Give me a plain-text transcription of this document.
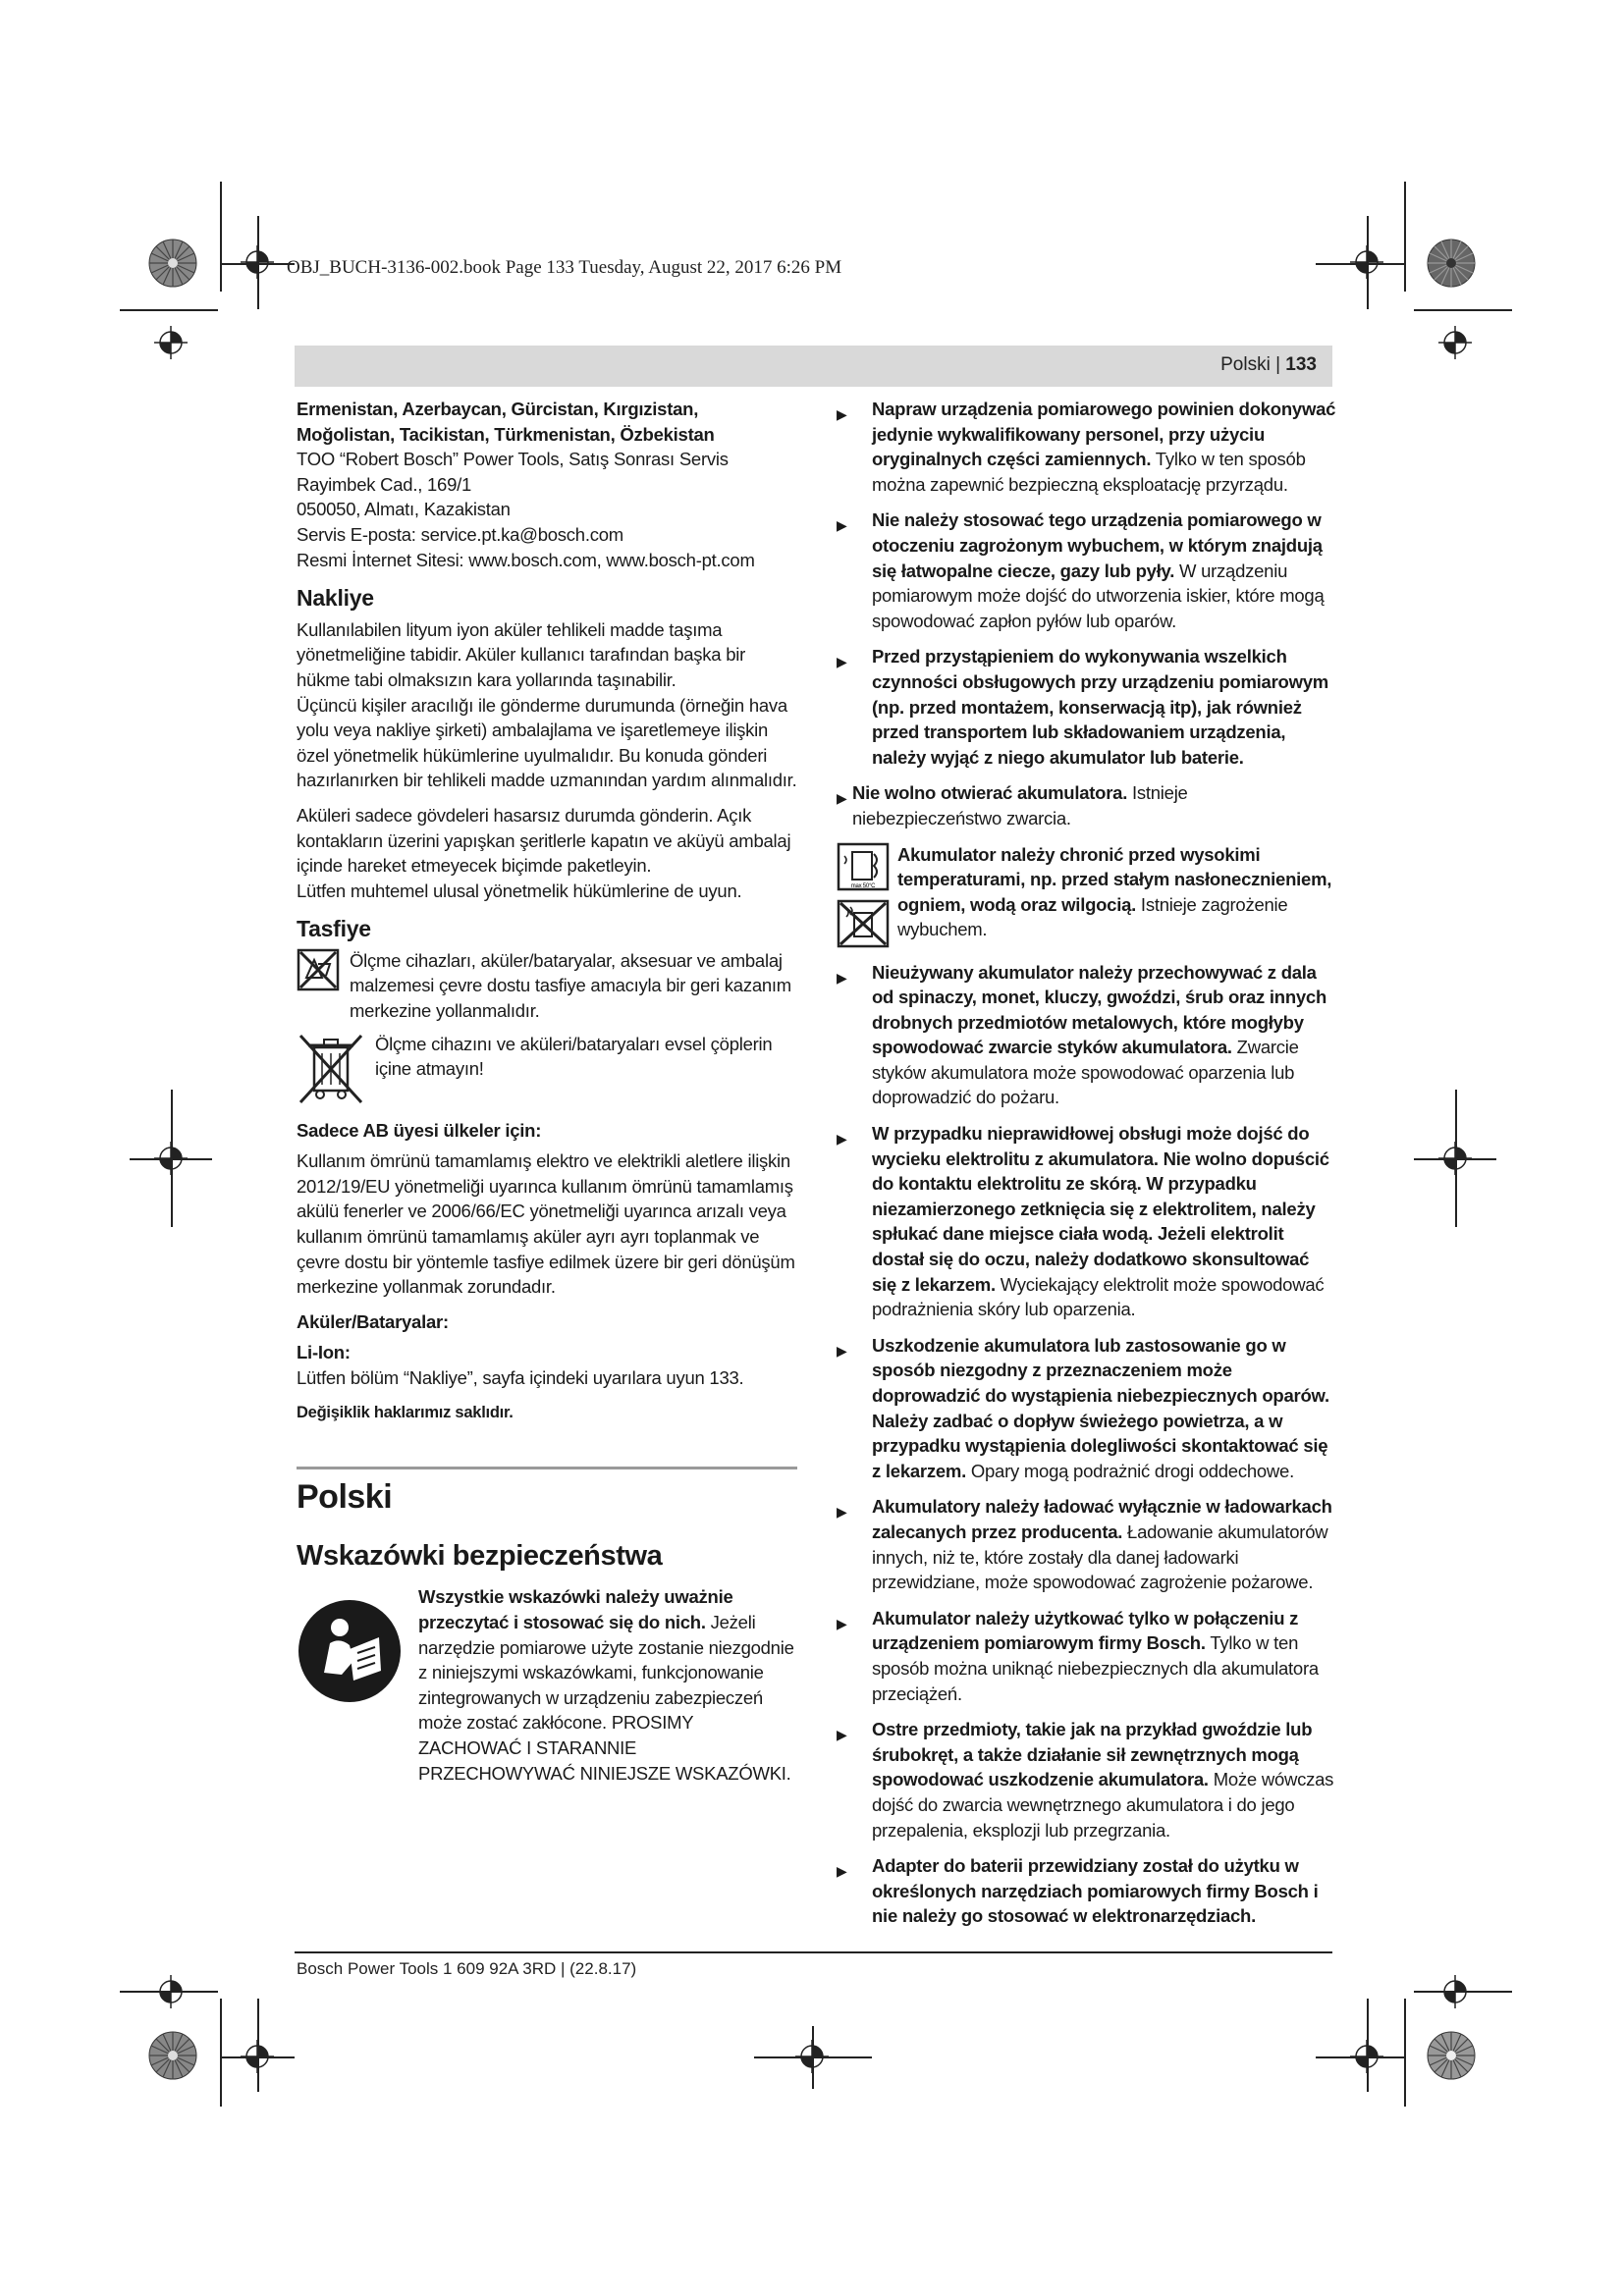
OBJ_BUCH-3136-002.book Page 133 Tuesday, August 22, 2017 6:26 PM
Polski | 133

Ermenistan, Azerbaycan, Gürcistan, Kırgızistan, Moğolistan, Tacikistan, Türkmenistan, Özbekistan

TOO “Robert Bosch” Power Tools, Satış Sonrası Servis

Rayimbek Cad., 169/1

050050, Almatı, Kazakistan

Servis E-posta: service.pt.ka@bosch.com

Resmi İnternet Sitesi: www.bosch.com, www.bosch-pt.com

Nakliye

Kullanılabilen lityum iyon aküler tehlikeli madde taşıma yönetmeliğine tabidir. Aküler kullanıcı tarafından başka bir hükme tabi olmaksızın kara yollarında taşınabilir.

Üçüncü kişiler aracılığı ile gönderme durumunda (örneğin hava yolu veya nakliye şirketi) ambalajlama ve işaretlemeye ilişkin özel yönetmelik hükümlerine uyulmalıdır. Bu konuda gönderi hazırlanırken bir tehlikeli madde uzmanından yardım alınmalıdır.

Aküleri sadece gövdeleri hasarsız durumda gönderin. Açık kontakların üzerini yapışkan şeritlerle kapatın ve aküyü ambalaj içinde hareket etmeyecek biçimde paketleyin.

Lütfen muhtemel ulusal yönetmelik hükümlerine de uyun.

Tasfiye

Ölçme cihazları, aküler/bataryalar, aksesuar ve ambalaj malzemesi çevre dostu tasfiye amacıyla bir geri kazanım merkezine yollanmalıdır.

Ölçme cihazını ve aküleri/bataryaları evsel çöplerin içine atmayın!

Sadece AB üyesi ülkeler için:

Kullanım ömrünü tamamlamış elektro ve elektrikli aletlere ilişkin 2012/19/EU yönetmeliği uyarınca kullanım ömrünü tamamlamış akülü fenerler ve 2006/66/EC yönetmeliği uyarınca arızalı veya kullanım ömrünü tamamlamış aküler ayrı ayrı toplanmak ve çevre dostu bir yöntemle tasfiye edilmek üzere bir geri dönüşüm merkezine yollanmak zorundadır.

Aküler/Bataryalar:

Li-Ion:

Lütfen bölüm “Nakliye”, sayfa içindeki uyarılara uyun 133.

Değişiklik haklarımız saklıdır.

Polski

Wskazówki bezpieczeństwa

Wszystkie wskazówki należy uważnie przeczytać i stosować się do nich. Jeżeli narzędzie pomiarowe użyte zostanie niezgodnie z niniejszymi wskazówkami, funkcjonowanie zintegrowanych w urządzeniu zabezpieczeń może zostać zakłócone. PROSIMY ZACHOWAĆ I STARANNIE PRZECHOWYWAĆ NINIEJSZE WSKAZÓWKI.

▶ Napraw urządzenia pomiarowego powinien dokonywać jedynie wykwalifikowany personel, przy użyciu oryginalnych części zamiennych. Tylko w ten sposób można zapewnić bezpieczną eksploatację przyrządu.
▶ Nie należy stosować tego urządzenia pomiarowego w otoczeniu zagrożonym wybuchem, w którym znajdują się łatwopalne ciecze, gazy lub pyły. W urządzeniu pomiarowym może dojść do utworzenia iskier, które mogą spowodować zapłon pyłów lub oparów.
▶ Przed przystąpieniem do wykonywania wszelkich czynności obsługowych przy urządzeniu pomiarowym (np. przed montażem, konserwacją itp), jak również przed transportem lub składowaniem urządzenia, należy wyjąć z niego akumulator lub baterie.
▶ Nie wolno otwierać akumulatora. Istnieje niebezpieczeństwo zwarcia.
max 50°C

Akumulator należy chronić przed wysokimi temperaturami, np. przed stałym nasłonecznieniem, ogniem, wodą oraz wilgocią. Istnieje zagrożenie wybuchem.

▶ Nieużywany akumulator należy przechowywać z dala od spinaczy, monet, kluczy, gwoździ, śrub oraz innych drobnych przedmiotów metalowych, które mogłyby spowodować zwarcie styków akumulatora. Zwarcie styków akumulatora może spowodować oparzenia lub doprowadzić do pożaru.
▶ W przypadku nieprawidłowej obsługi może dojść do wycieku elektrolitu z akumulatora. Nie wolno dopuścić do kontaktu elektrolitu ze skórą. W przypadku niezamierzonego zetknięcia się z elektrolitem, należy spłukać dane miejsce ciała wodą. Jeżeli elektrolit dostał się do oczu, należy dodatkowo skonsultować się z lekarzem. Wyciekający elektrolit może spowodować podrażnienia skóry lub oparzenia.
▶ Uszkodzenie akumulatora lub zastosowanie go w sposób niezgodny z przeznaczeniem może doprowadzić do wystąpienia niebezpiecznych oparów. Należy zadbać o dopływ świeżego powietrza, a w przypadku wystąpienia dolegliwości skontaktować się z lekarzem. Opary mogą podrażnić drogi oddechowe.
▶ Akumulatory należy ładować wyłącznie w ładowarkach zalecanych przez producenta. Ładowanie akumulatorów innych, niż te, które zostały dla danej ładowarki przewidziane, może spowodować zagrożenie pożarowe.
▶ Akumulator należy użytkować tylko w połączeniu z urządzeniem pomiarowym firmy Bosch. Tylko w ten sposób można uniknąć niebezpiecznych dla akumulatora przeciążeń.
▶ Ostre przedmioty, takie jak na przykład gwoździe lub śrubokręt, a także działanie sił zewnętrznych mogą spowodować uszkodzenie akumulatora. Może wówczas dojść do zwarcia wewnętrznego akumulatora i do jego przepalenia, eksplozji lub przegrzania.
▶ Adapter do baterii przewidziany został do użytku w określonych narzędziach pomiarowych firmy Bosch i nie należy go stosować w elektronarzędziach.
Bosch Power Tools 1 609 92A 3RD | (22.8.17)
